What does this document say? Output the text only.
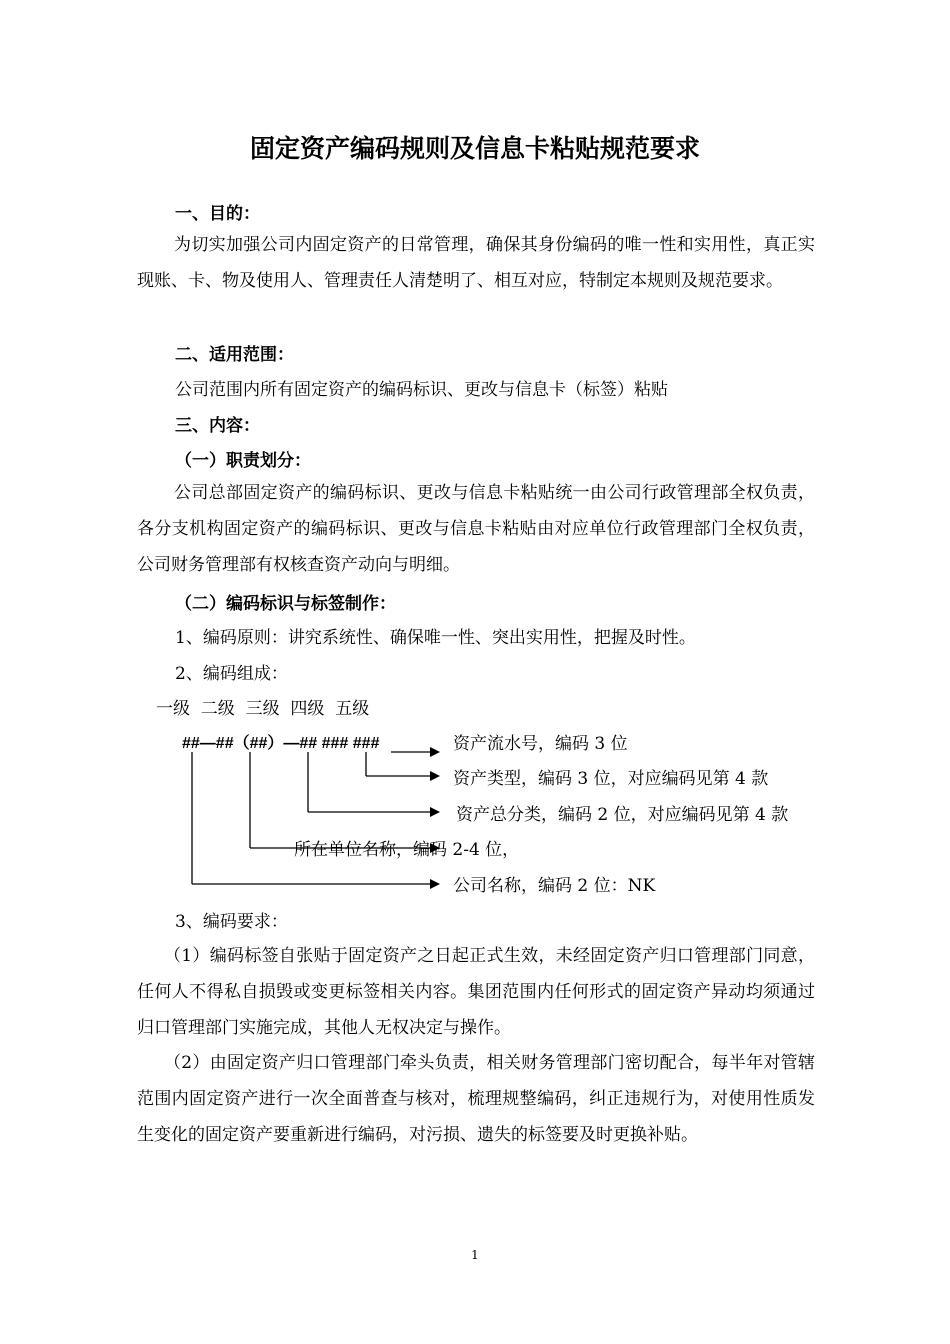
固定资产编码规则及信息卡粘贴规范要求
一、目的：
为切实加强公司内固定资产的日常管理，确保其身份编码的唯一性和实用性，真正实现账、卡、物及使用人、管理责任人清楚明了、相互对应，特制定本规则及规范要求。
二、适用范围：
公司范围内所有固定资产的编码标识、更改与信息卡（标签）粘贴
三、内容：
（一）职责划分：
公司总部固定资产的编码标识、更改与信息卡粘贴统一由公司行政管理部全权负责，各分支机构固定资产的编码标识、更改与信息卡粘贴由对应单位行政管理部门全权负责，公司财务管理部有权核查资产动向与明细。
（二）编码标识与标签制作：
1、编码原则：讲究系统性、确保唯一性、突出实用性，把握及时性。
2、编码组成：
一级  二级  三级  四级  五级
##—##（##）—## ### ###	资产流水号，编码 3 位
资产类型，编码 3 位，对应编码见第 4 款
资产总分类，编码 2 位，对应编码见第 4 款
所在单位名称，编码 2-4 位，
公司名称，编码 2 位：NK
3、编码要求：
（1）编码标签自张贴于固定资产之日起正式生效，未经固定资产归口管理部门同意，任何人不得私自损毁或变更标签相关内容。集团范围内任何形式的固定资产异动均须通过归口管理部门实施完成，其他人无权决定与操作。
（2）由固定资产归口管理部门牵头负责，相关财务管理部门密切配合，每半年对管辖范围内固定资产进行一次全面普查与核对，梳理规整编码，纠正违规行为，对使用性质发生变化的固定资产要重新进行编码，对污损、遗失的标签要及时更换补贴。
1
